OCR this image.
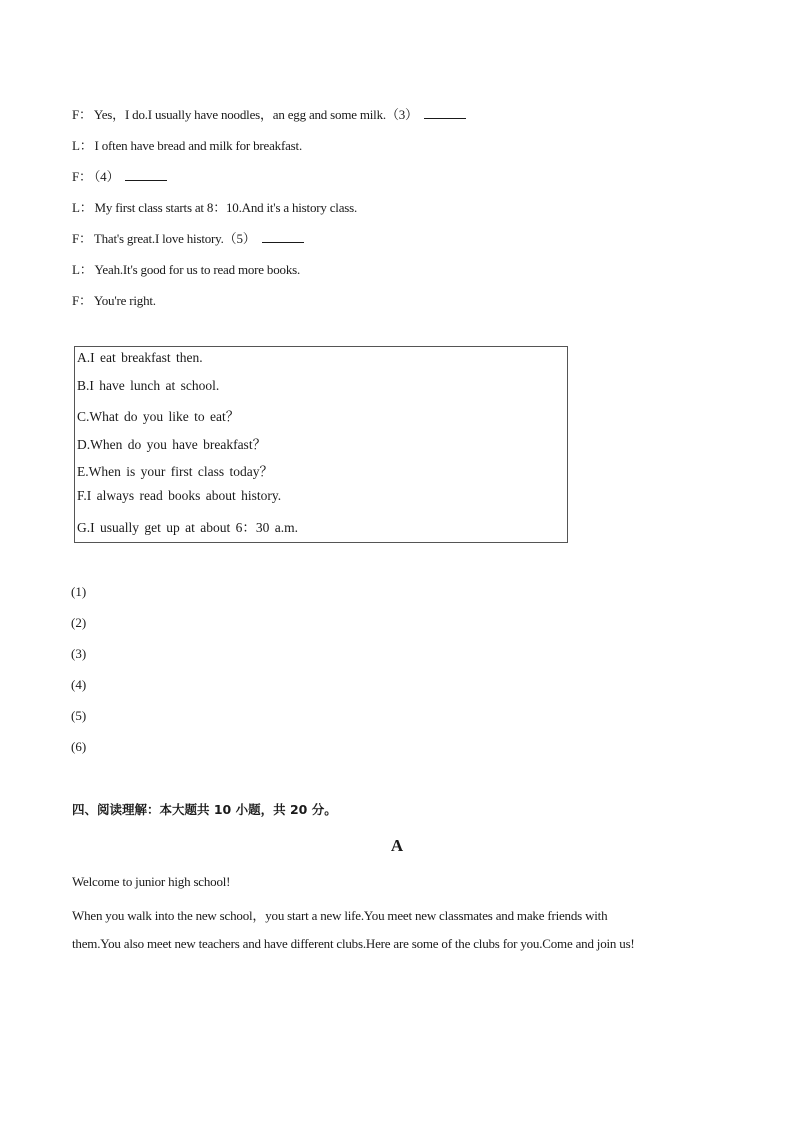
F： Yes，I do.I usually have noodles，an egg and some milk.（3）
L： I often have bread and milk for breakfast.
F： （4）
L： My first class starts at 8：10.And it's a history class.
F： That's great.I love history.（5）
L： Yeah.It's good for us to read more books.
F： You're right.
A.I eat breakfast then.
B.I have lunch at school.
C.What do you like to eat？
D.When do you have breakfast？
E.When is your first class today？
F.I always read books about history.
G.I usually get up at about 6：30 a.m.
(1)
(2)
(3)
(4)
(5)
(6)
四、阅读理解：本大题共 10 小题，共 20 分。
A
Welcome to junior high school!
When you walk into the new school，you start a new life.You meet new classmates and make friends with
them.You also meet new teachers and have different clubs.Here are some of the clubs for you.Come and join us!
